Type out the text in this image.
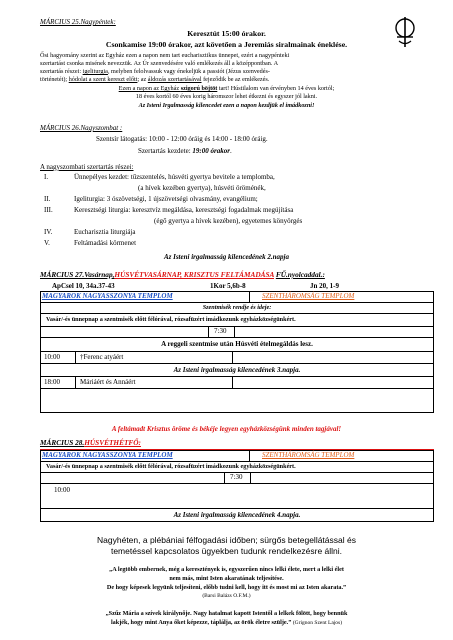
MÁRCIUS 25.Nagypéntek:
Keresztút 15:00 órakor.
Csonkamise 19:00 órakor, azt követően a Jeremiás siralmainak éneklése.
Ősi hagyomány szerint az Egyház ezen a napon nem tart eucharisztikus ünnepet, ezért a nagypénteki
szertartást csonka misének nevezzük. Az Úr szenvedésére való emlékezés áll a középpontban. A
szertartás részei: igeliturgia, melyben felolvassuk vagy énekeljük a passiót (Jézus szenvedés-
történetét); hódolat a szent kereszt előtt; az áldozás szertartásával fejeződik be az emlékezés.
Ezen a napon az Egyház szigorú böjtöt tart! Hústilalom van érvényben 14 éves kortól;
18 éves kortól 60 éves korig háromszor lehet étkezni és egyszer jól lakni.
Az Isteni Irgalmasság kilencedet ezen a napon kezdjük el imádkozni!
MÁRCIUS 26.Nagyszombat :
Szentsír látogatás: 10:00 - 12:00 óráig és 14:00 - 18:00 óráig.
Szertartás kezdete: 19:00 órakor.
A nagyszombati szertartás részei:
I.	Ünnepélyes kezdet: tűzszentelés, húsvéti gyertya bevitele a templomba,
(a hívek kezében gyertya), húsvéti öröménék,
II.	Igeliturgia: 3 ószövetségi, 1 újszövetségi olvasmány, evangélium;
III.	Keresztségi liturgia: keresztvíz megáldása, keresztségi fogadalmak megújítása
(égő gyertya a hívek kezében), egyetemes könyörgés
IV.	Eucharisztia liturgiája
V.	Feltámadási körmenet
Az Isteni irgalmasság kilencedének 2.napja
MÁRCIUS 27.Vasárnap,HÚSVÉTVASÁRNAP, KRISZTUS FELTÁMADÁSA FŰ.nyolcaddal.:
ApCsel 10, 34a.37-43	1Kor 5,6b-8	Jn 20, 1-9
MAGYAROK NAGYASSZONYA TEMPLOM	SZENTHÁROMSÁG TEMPLOM
Szentmisék rendje és ideje:
Vasár/-és ünnepnap a szentmisék előtt félórával, rózsafüzért imádkozunk egyházközségünkért.
7:30
A reggeli szentmise után Húsvéti ételmegáldás lesz.
10:00	†Ferenc atyáért
Az Isteni irgalmasság kilencedének 3.napja.
18:00	Máriáért és Annáért
A feltámadt Krisztus öröme és békéje legyen egyházközségünk minden tagjával!
MÁRCIUS 28.HÚSVÉTHÉTFŐ:
MAGYAROK NAGYASSZONYA TEMPLOM	SZENTHÁROMSÁG TEMPLOM
Vasár/-és ünnepnap a szentmisék előtt félórával, rózsafüzért imádkozunk egyházközségünkért.
7:30
10:00
Az Isteni irgalmasság kilencedének 4.napja.
Nagyhéten, a plébániai félfogadási időben; sürgős betegellátással és
temetéssel kapcsolatos ügyekben tudunk rendelkezésre állni.
„A legtöbb embernek, még a keresztények is, egyszerűen nincs lelki élete, mert a lelki élet
nem más, mint Isten akaratának teljesítése.
De hogy képesek legyünk teljesíteni, előbb tudni kell, hogy itt és most mi az Isten akarata.”
(Barsi Balázs O.F.M.)
„Szűz Mária a szívek királynője. Nagy hatalmat kapott Istentől a lelkek fölött, hogy bennük
lakjék, hogy mint Anya őket képezze, táplálja, az örök életre szülje.” (Grignon Szent Lajos)
